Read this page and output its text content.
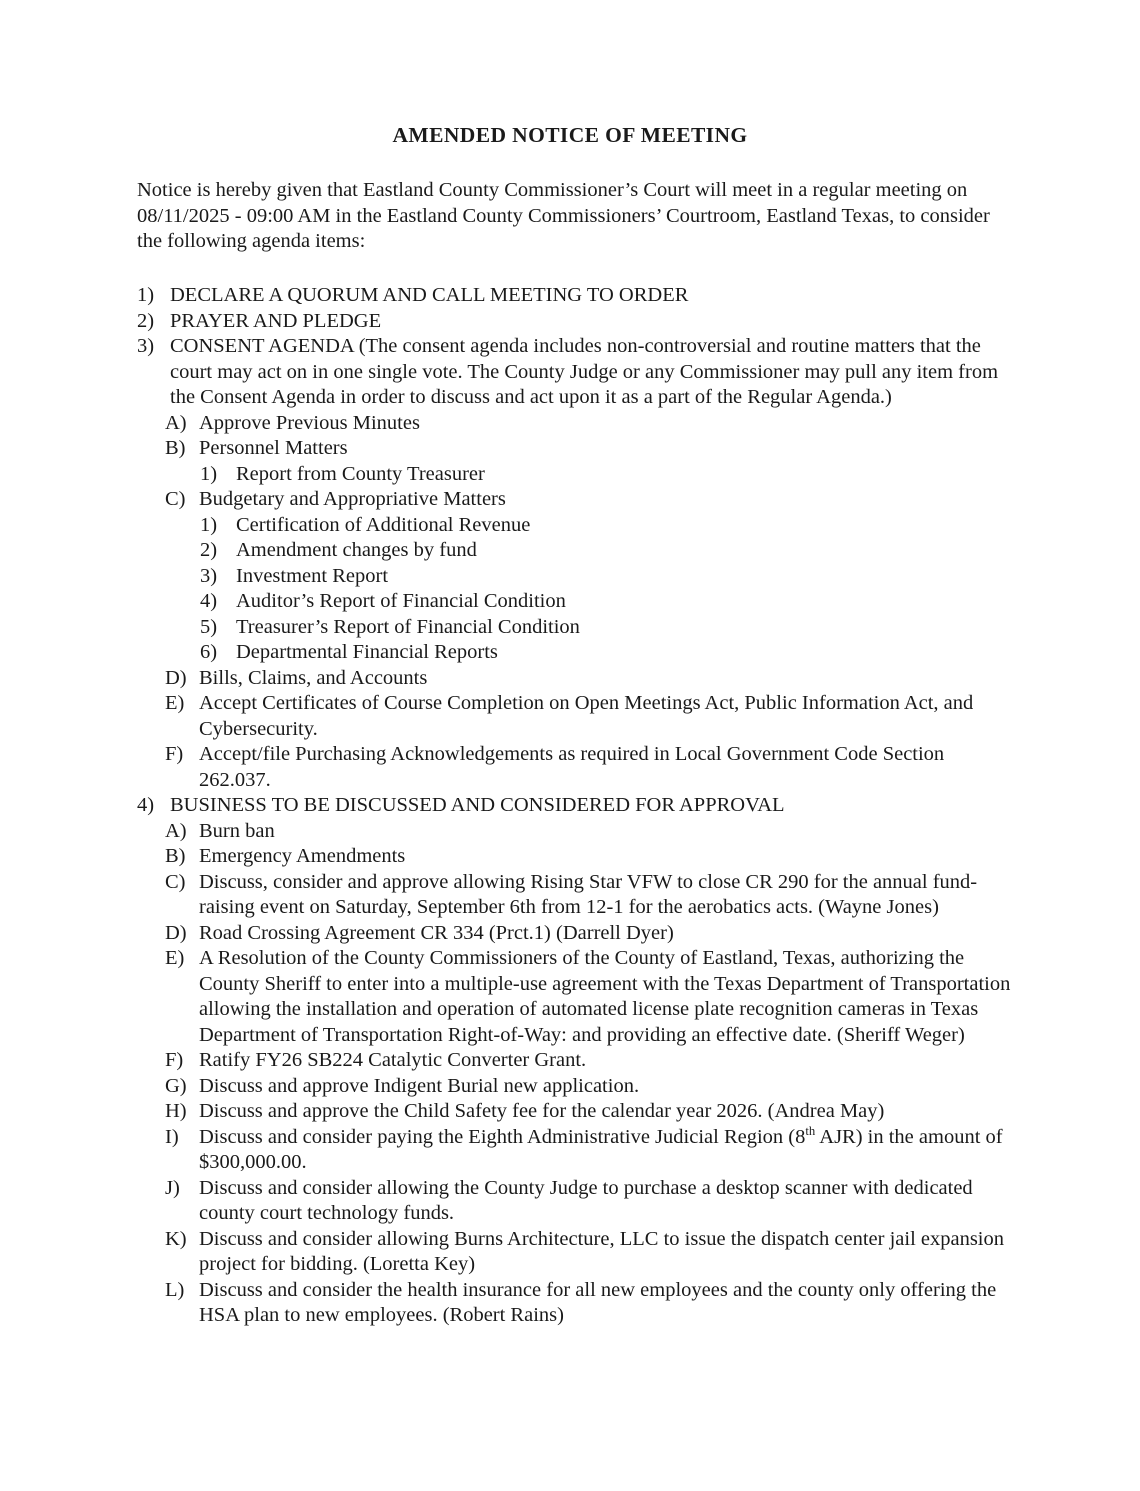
AMENDED NOTICE OF MEETING
Notice is hereby given that Eastland County Commissioner’s Court will meet in a regular meeting on 08/11/2025 - 09:00 AM in the Eastland County Commissioners’ Courtroom, Eastland Texas, to consider the following agenda items:
1) DECLARE A QUORUM AND CALL MEETING TO ORDER
2) PRAYER AND PLEDGE
3) CONSENT AGENDA (The consent agenda includes non-controversial and routine matters that the court may act on in one single vote. The County Judge or any Commissioner may pull any item from the Consent Agenda in order to discuss and act upon it as a part of the Regular Agenda.)
A) Approve Previous Minutes
B) Personnel Matters
1) Report from County Treasurer
C) Budgetary and Appropriative Matters
1) Certification of Additional Revenue
2) Amendment changes by fund
3) Investment Report
4) Auditor’s Report of Financial Condition
5) Treasurer’s Report of Financial Condition
6) Departmental Financial Reports
D) Bills, Claims, and Accounts
E) Accept Certificates of Course Completion on Open Meetings Act, Public Information Act, and Cybersecurity.
F) Accept/file Purchasing Acknowledgements as required in Local Government Code Section 262.037.
4) BUSINESS TO BE DISCUSSED AND CONSIDERED FOR APPROVAL
A) Burn ban
B) Emergency Amendments
C) Discuss, consider and approve allowing Rising Star VFW to close CR 290 for the annual fund-raising event on Saturday, September 6th from 12-1 for the aerobatics acts. (Wayne Jones)
D) Road Crossing Agreement CR 334 (Prct.1) (Darrell Dyer)
E) A Resolution of the County Commissioners of the County of Eastland, Texas, authorizing the County Sheriff to enter into a multiple-use agreement with the Texas Department of Transportation allowing the installation and operation of automated license plate recognition cameras in Texas Department of Transportation Right-of-Way: and providing an effective date. (Sheriff Weger)
F) Ratify FY26 SB224 Catalytic Converter Grant.
G) Discuss and approve Indigent Burial new application.
H) Discuss and approve the Child Safety fee for the calendar year 2026. (Andrea May)
I) Discuss and consider paying the Eighth Administrative Judicial Region (8th AJR) in the amount of $300,000.00.
J) Discuss and consider allowing the County Judge to purchase a desktop scanner with dedicated county court technology funds.
K) Discuss and consider allowing Burns Architecture, LLC to issue the dispatch center jail expansion project for bidding. (Loretta Key)
L) Discuss and consider the health insurance for all new employees and the county only offering the HSA plan to new employees. (Robert Rains)
